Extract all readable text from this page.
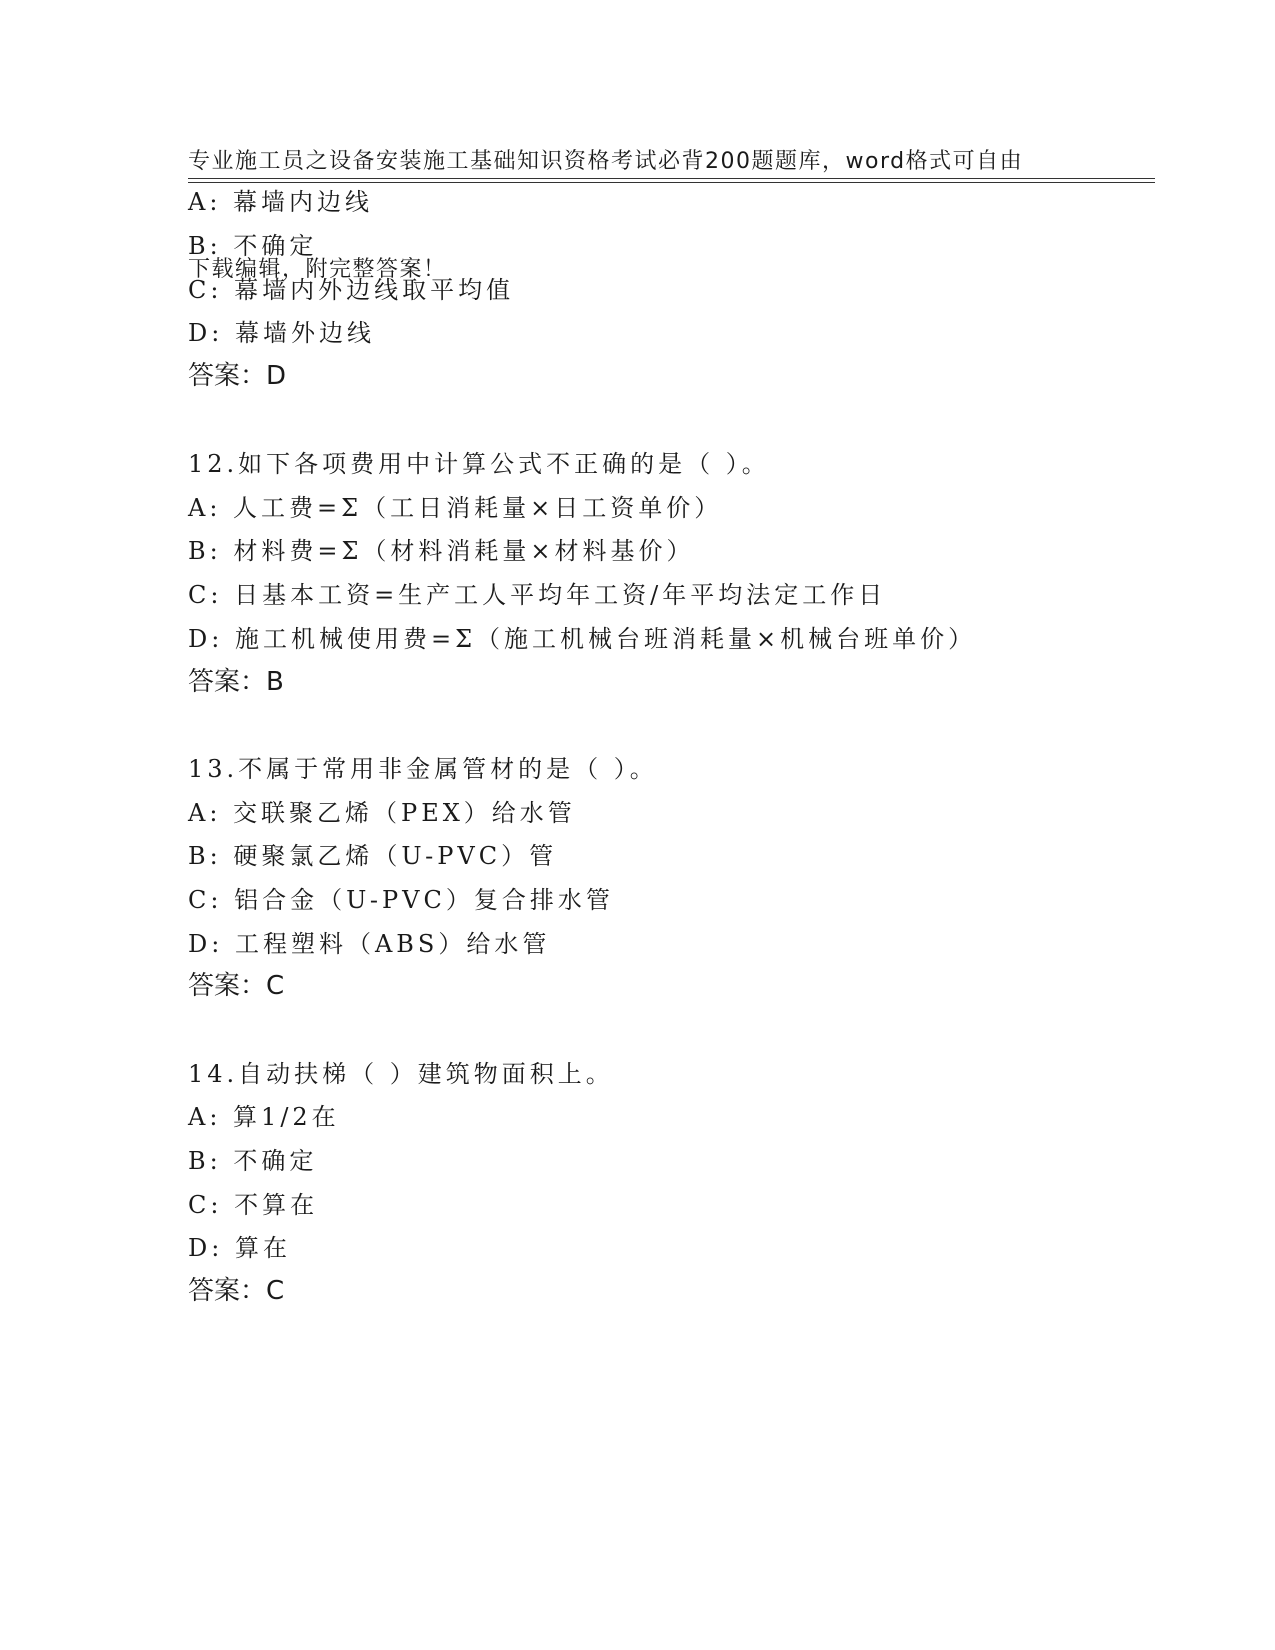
专业施工员之设备安装施工基础知识资格考试必背200题题库，word格式可自由

下载编辑，附完整答案！

A: 幕墙内边线
B: 不确定
C: 幕墙内外边线取平均值
D: 幕墙外边线
答案：D
12.如下各项费用中计算公式不正确的是（ ）。
A: 人工费=Σ（工日消耗量×日工资单价）
B: 材料费=Σ（材料消耗量×材料基价）
C: 日基本工资=生产工人平均年工资/年平均法定工作日
D: 施工机械使用费=Σ（施工机械台班消耗量×机械台班单价）
答案：B
13.不属于常用非金属管材的是（ ）。
A: 交联聚乙烯（PEX）给水管
B: 硬聚氯乙烯（U-PVC）管
C: 铝合金（U-PVC）复合排水管
D: 工程塑料（ABS）给水管
答案：C
14.自动扶梯（ ）建筑物面积上。
A: 算1/2在
B: 不确定
C: 不算在
D: 算在
答案：C
